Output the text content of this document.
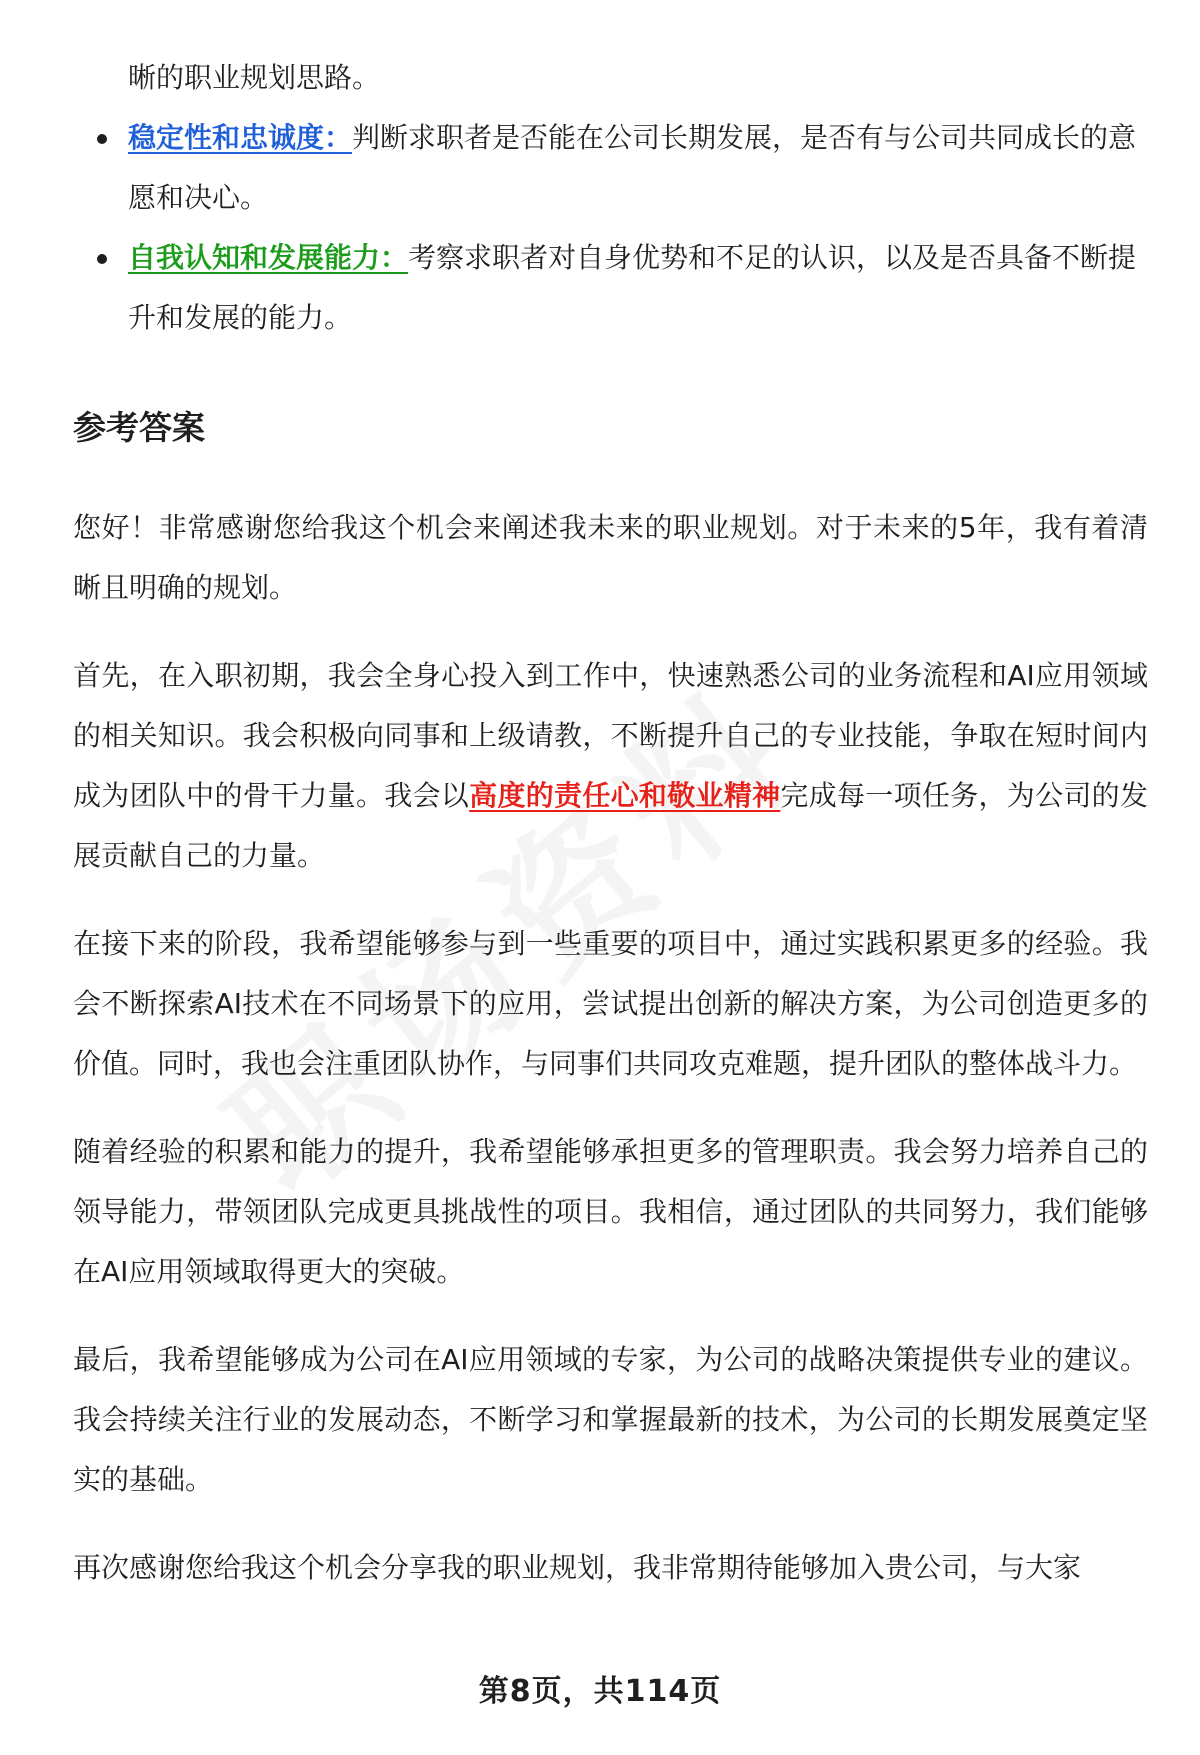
晰的职业规划思路。
稳定性和忠诚度：判断求职者是否能在公司长期发展，是否有与公司共同成长的意愿和决心。
自我认知和发展能力：考察求职者对自身优势和不足的认识，以及是否具备不断提升和发展的能力。
参考答案

您好！非常感谢您给我这个机会来阐述我未来的职业规划。对于未来的5年，我有着清晰且明确的规划。

首先，在入职初期，我会全身心投入到工作中，快速熟悉公司的业务流程和AI应用领域的相关知识。我会积极向同事和上级请教，不断提升自己的专业技能，争取在短时间内成为团队中的骨干力量。我会以高度的责任心和敬业精神完成每一项任务，为公司的发展贡献自己的力量。

在接下来的阶段，我希望能够参与到一些重要的项目中，通过实践积累更多的经验。我会不断探索AI技术在不同场景下的应用，尝试提出创新的解决方案，为公司创造更多的价值。同时，我也会注重团队协作，与同事们共同攻克难题，提升团队的整体战斗力。

随着经验的积累和能力的提升，我希望能够承担更多的管理职责。我会努力培养自己的领导能力，带领团队完成更具挑战性的项目。我相信，通过团队的共同努力，我们能够在AI应用领域取得更大的突破。

最后，我希望能够成为公司在AI应用领域的专家，为公司的战略决策提供专业的建议。我会持续关注行业的发展动态，不断学习和掌握最新的技术，为公司的长期发展奠定坚实的基础。

再次感谢您给我这个机会分享我的职业规划，我非常期待能够加入贵公司，与大家

第8页，共114页
